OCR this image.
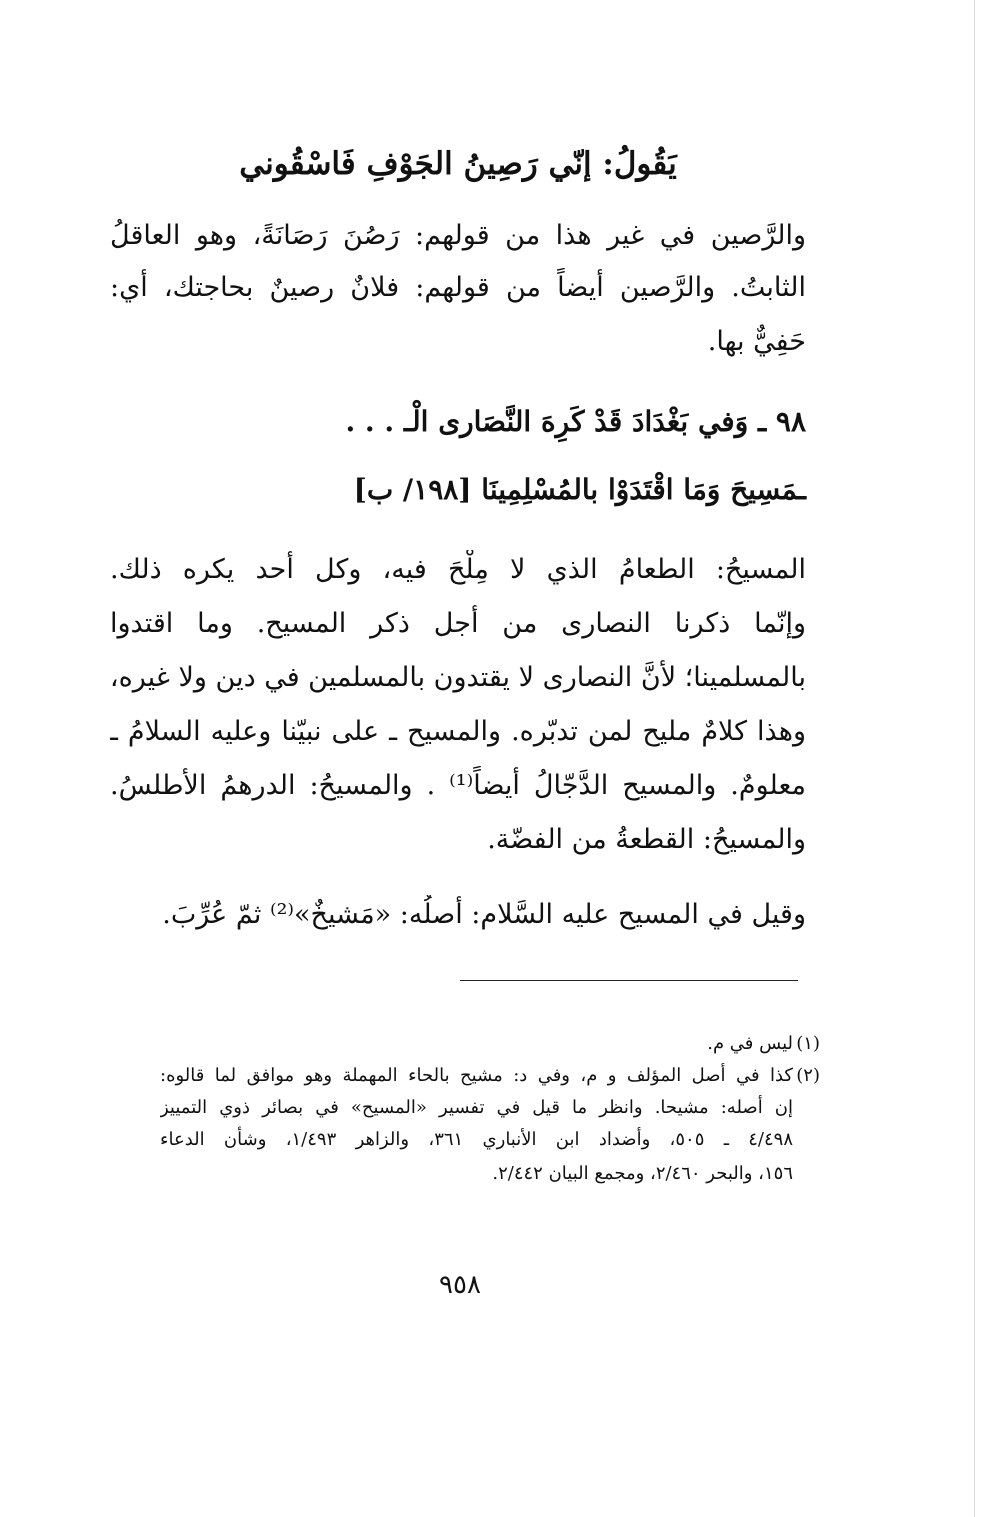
يَقُولُ: إنّي رَصِينُ الجَوْفِ فَاسْقُوني
والرَّصين في غير هذا من قولهم: رَصُنَ رَصَانَةً، وهو العاقلُ
الثابتُ. والرَّصين أيضاً من قولهم: فلانٌ رصينٌ بحاجتك، أي:
حَفِيٌّ بها.
٩٨ ـ وَفي بَغْدَادَ قَدْ كَرِهَ النَّصَارى الْـ . . .
ـمَسِيحَ وَمَا اقْتَدَوْا بالمُسْلِمِينَا [١٩٨/ ب]
المسيحُ: الطعامُ الذي لا مِلْحَ فيه، وكل أحد يكره ذلك.
وإنّما ذكرنا النصارى من أجل ذكر المسيح. وما اقتدوا
بالمسلمينا؛ لأنَّ النصارى لا يقتدون بالمسلمين في دين ولا غيره،
وهذا كلامٌ مليح لمن تدبّره. والمسيح ـ على نبيّنا وعليه السلامُ ـ
معلومٌ. والمسيح الدَّجّالُ أيضاً⁽¹⁾ . والمسيحُ: الدرهمُ الأطلسُ.
والمسيحُ: القطعةُ من الفضّة.
وقيل في المسيح عليه السَّلام: أصلُه: «مَشيخٌ»⁽²⁾ ثمّ عُرِّبَ.
ليس في م. (١)
(٢)
كذا في أصل المؤلف و م، وفي د: مشيح بالحاء المهملة وهو موافق لما قالوه:
إن أصله: مشيحا. وانظر ما قيل في تفسير «المسيح» في بصائر ذوي التمييز
٤/٤٩٨ ـ ٥٠٥، وأضداد ابن الأنباري ٣٦١، والزاهر ١/٤٩٣، وشأن الدعاء
١٥٦، والبحر ٢/٤٦٠، ومجمع البيان ٢/٤٤٢.
٩٥٨
